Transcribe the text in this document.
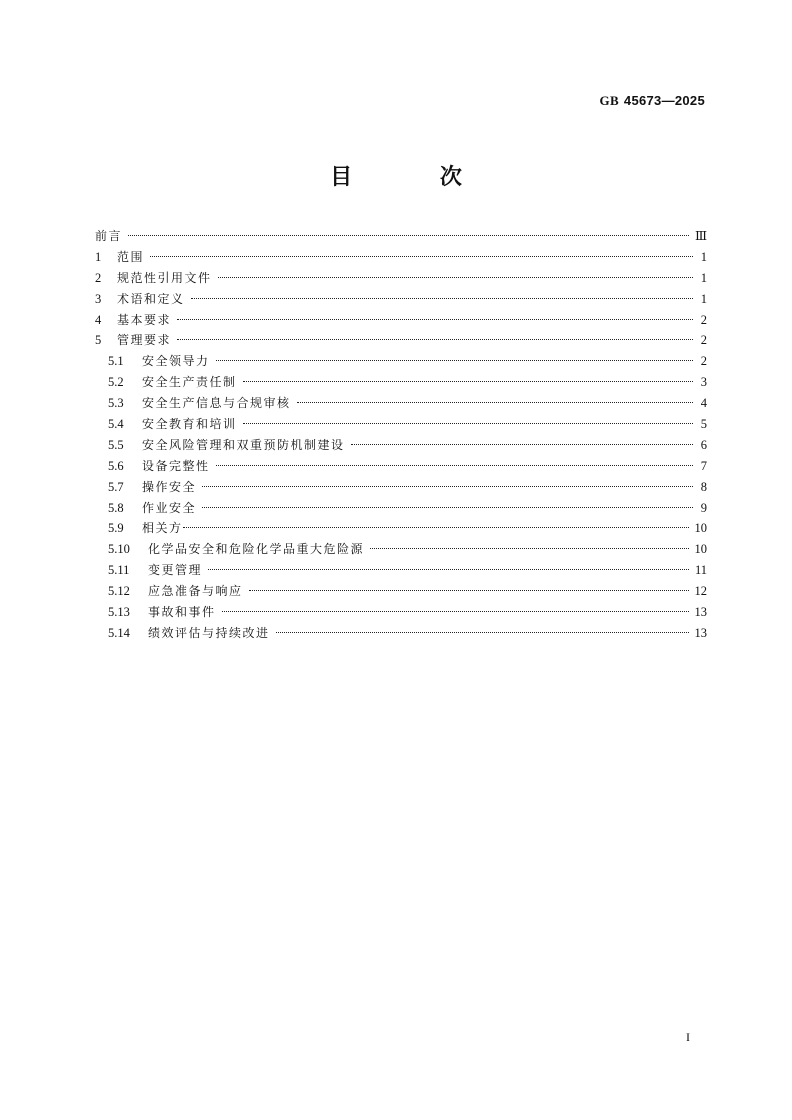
GB 45673—2025
目 次
前言	Ⅲ
1	范围	1
2	规范性引用文件	1
3	术语和定义	1
4	基本要求	2
5	管理要求	2
5.1	安全领导力	2
5.2	安全生产责任制	3
5.3	安全生产信息与合规审核	4
5.4	安全教育和培训	5
5.5	安全风险管理和双重预防机制建设	6
5.6	设备完整性	7
5.7	操作安全	8
5.8	作业安全	9
5.9	相关方	10
5.10	化学品安全和危险化学品重大危险源	10
5.11	变更管理	11
5.12	应急准备与响应	12
5.13	事故和事件	13
5.14	绩效评估与持续改进	13
I
